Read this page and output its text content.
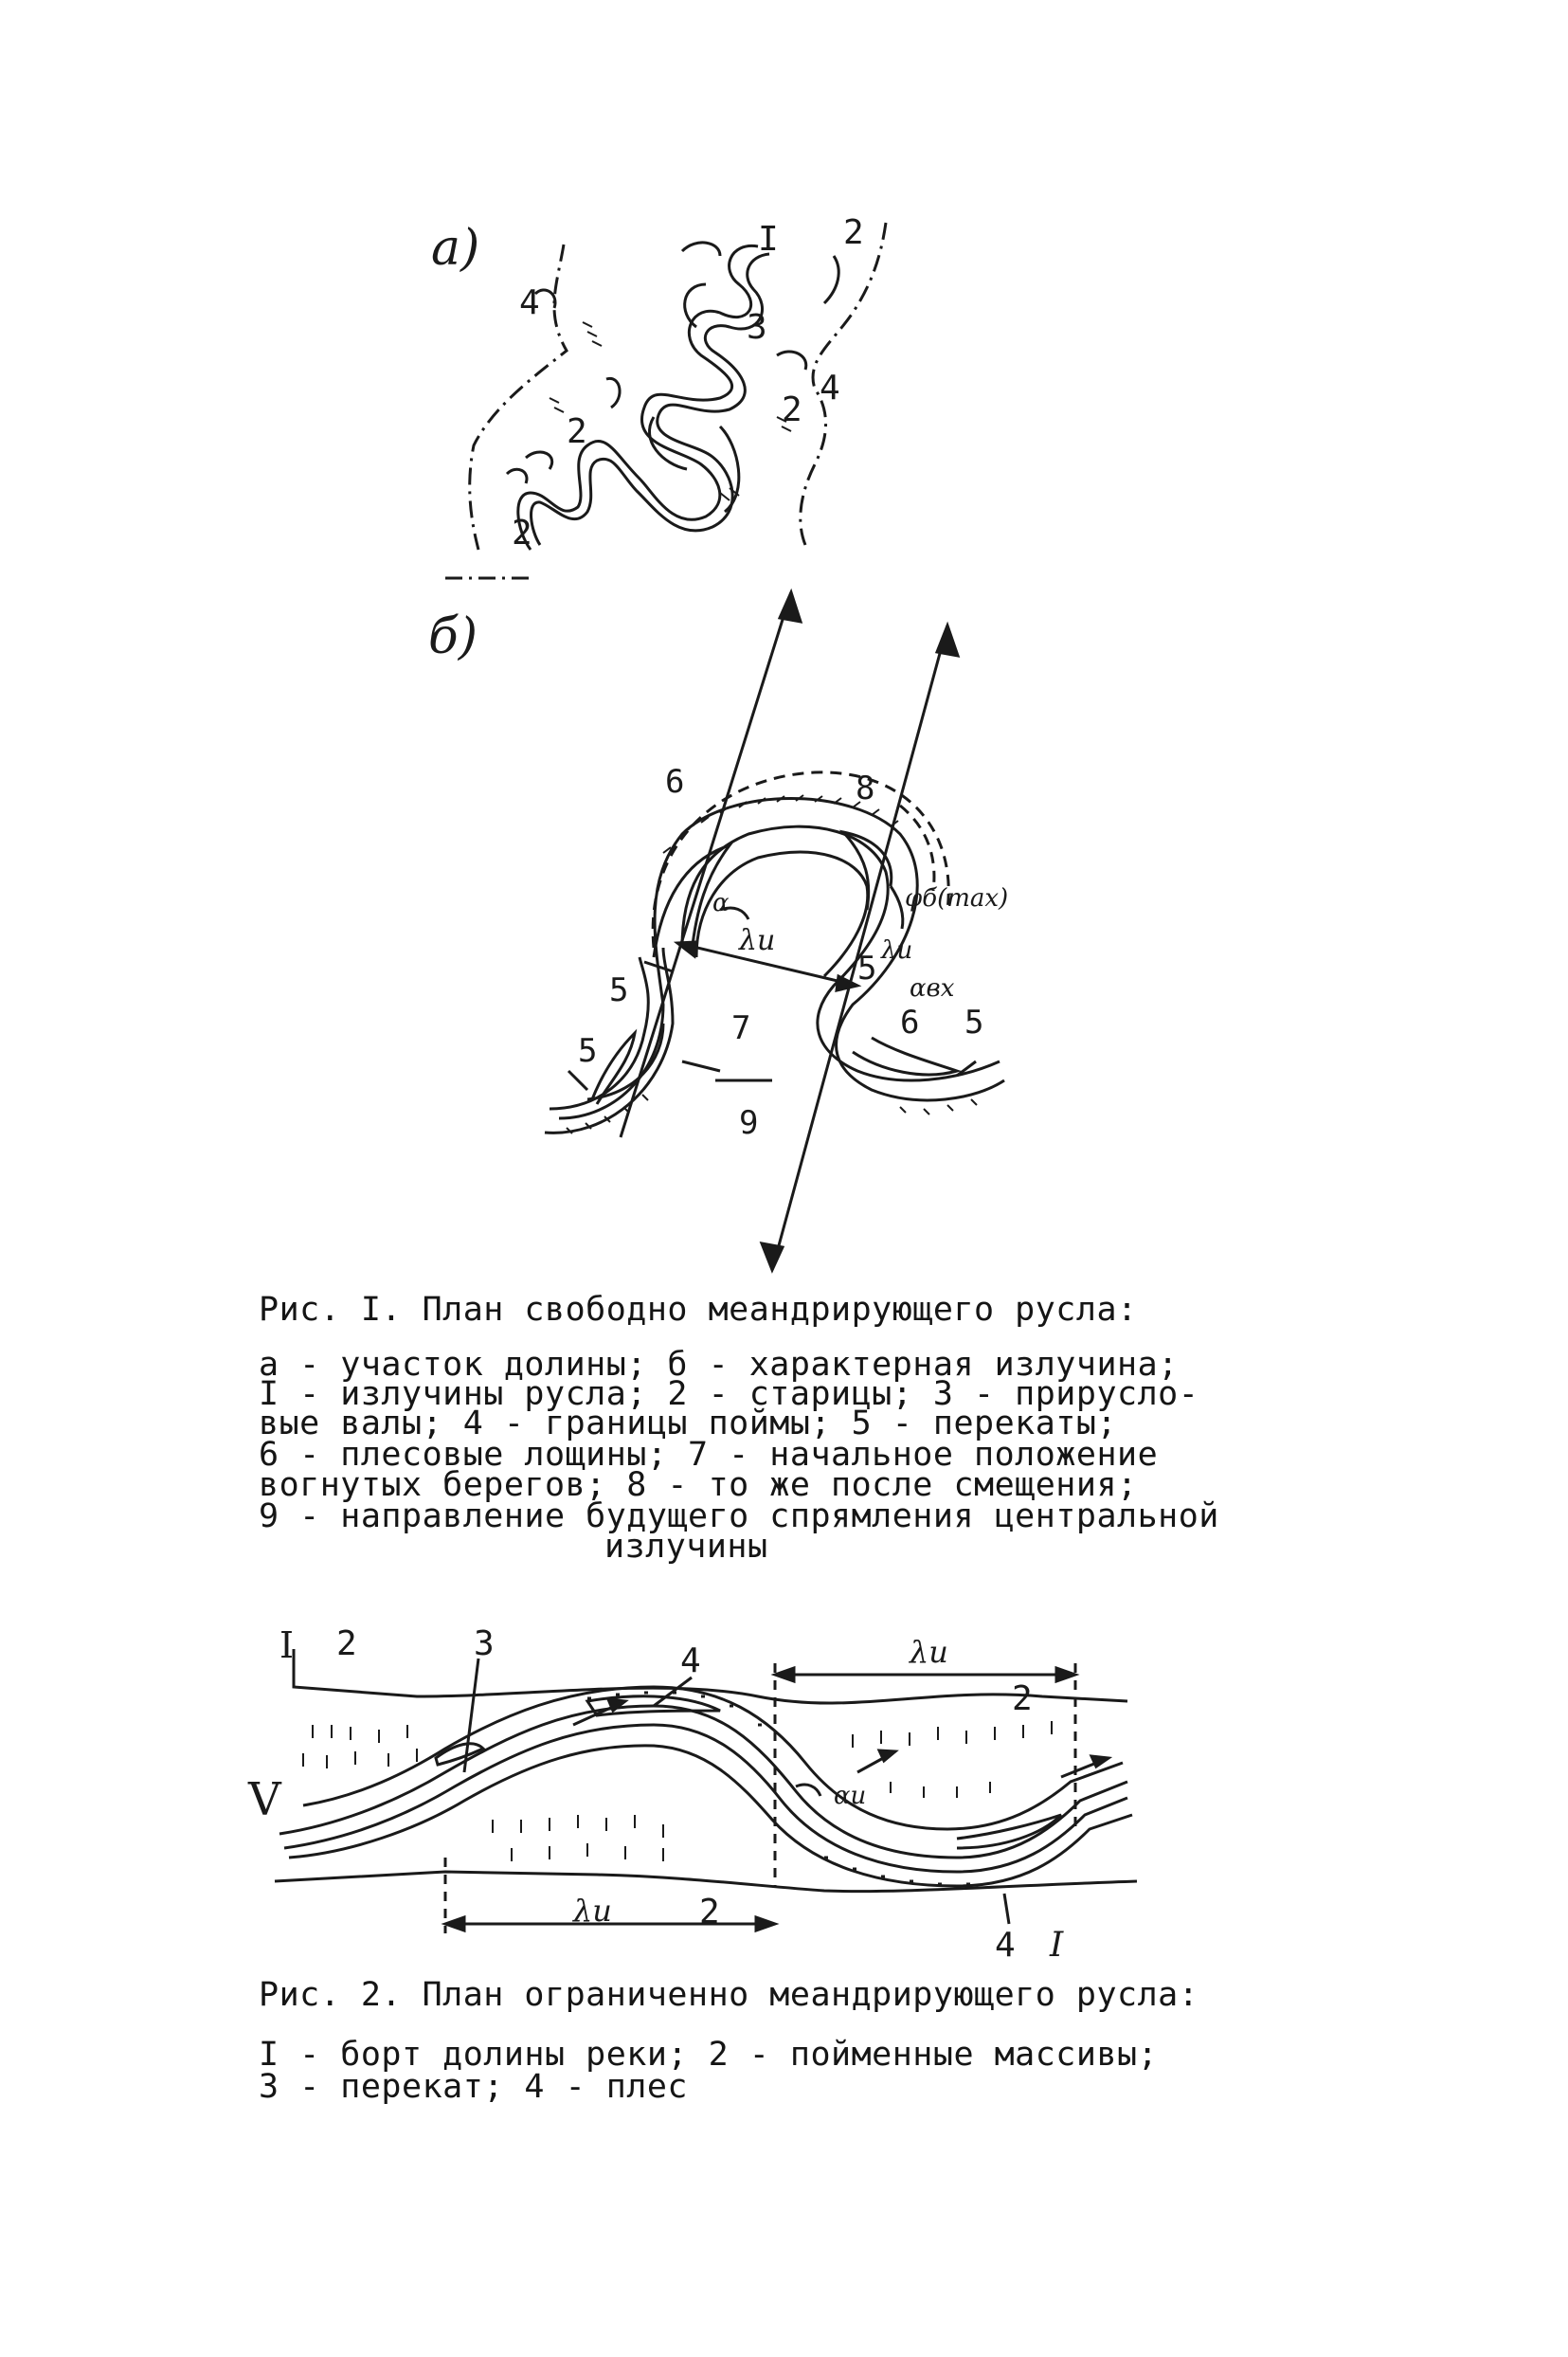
а)	I 2
4
3
2
4
2
2
б)
6	8
5
5
5
6 5
7
9
λи	λи
α
αвх
φб(max)
Рис. I. План свободно меандрирующего русла:
а - участок долины; б - характерная излучина;
I - излучины русла; 2 - старицы; 3 - прирусло-
вые валы; 4 - границы поймы; 5 - перекаты;
6 - плесовые лощины; 7 - начальное положение
вогнутых берегов; 8 - то же после смещения;
9 - направление будущего спрямления центральной
излучины
I 2	3	4	λи
2
λи	2
4 I
V	αи
Рис. 2. План ограниченно меандрирующего русла:
I - борт долины реки; 2 - пойменные массивы;
3 - перекат; 4 - плес
